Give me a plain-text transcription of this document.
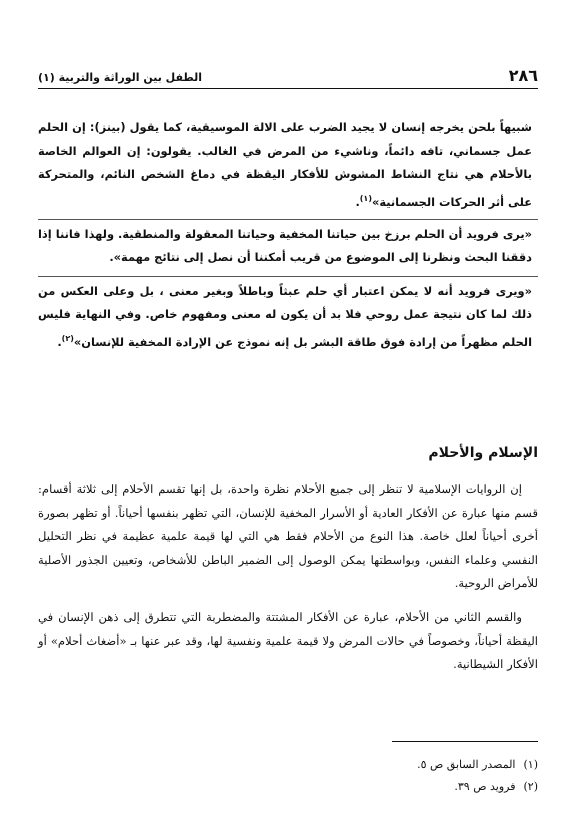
٢٨٦
الطفل بين الوراثة والتربية (١)

شبيهاً بلحن يخرجه إنسان لا يجيد الضرب على الالة الموسيقية، كما يقول (بينز): إن الحلم عمل جسماني، تافه دائماً، وناشيء من المرض في الغالب. يقولون: إن العوالم الخاصة بالأحلام هي نتاج النشاط المشوش للأفكار اليقظة في دماغ الشخص النائم، والمتحركة على أثر الحركات الجسمانية»$^{(١)}$.

«يرى فرويد أن الحلم برزخ بين حياتنا المخفية وحياتنا المعقولة والمنطقية. ولهذا فاننا إذا دققنا البحث ونظرنا إلى الموضوع من قريب أمكننا أن نصل إلى نتائج مهمة».

«ويرى فرويد أنه لا يمكن اعتبار أي حلم عبثاً وباطلاً وبغير معنى ، بل وعلى العكس من ذلك لما كان نتيجة عمل روحي فلا بد أن يكون له معنى ومفهوم خاص. وفي النهاية فليس الحلم مظهراً من إرادة فوق طاقة البشر بل إنه نموذج عن الإرادة المخفية للإنسان»$^{(٢)}$.

الإسلام والأحلام

إن الروايات الإسلامية لا تنظر إلى جميع الأحلام نظرة واحدة، بل إنها تقسم الأحلام إلى ثلاثة أقسام: قسم منها عبارة عن الأفكار العادية أو الأسرار المخفية للإنسان، التي تظهر بنفسها أحياناً. أو تظهر بصورة أخرى أحياناً لعلل خاصة. هذا النوع من الأحلام فقط هي التي لها قيمة علمية عظيمة في نظر التحليل النفسي وعلماء النفس، وبواسطتها يمكن الوصول إلى الضمير الباطن للأشخاص، وتعيين الجذور الأصلية للأمراض الروحية.

والقسم الثاني من الأحلام، عبارة عن الأفكار المشتتة والمضطربة التي تتطرق إلى ذهن الإنسان في اليقظة أحياناً، وخصوصاً في حالات المرض ولا قيمة علمية ونفسية لها، وقد عبر عنها بـ «أضغاث أحلام» أو الأفكار الشيطانية.

(١)المصدر السابق ص ٥.

(٢)فرويد ص ٣٩.
